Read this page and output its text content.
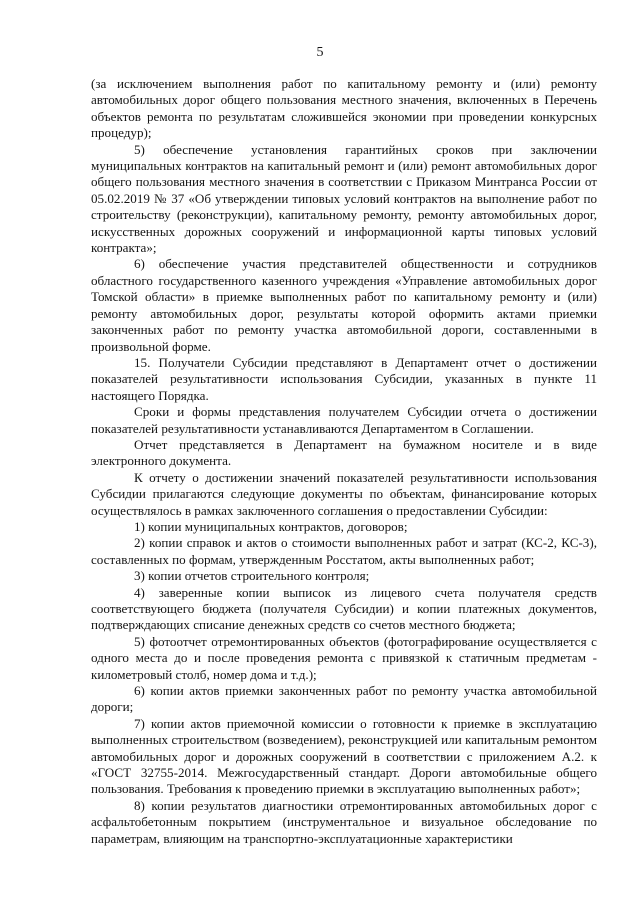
5

(за исключением выполнения работ по капитальному ремонту и (или) ремонту автомобильных дорог общего пользования местного значения, включенных в Перечень объектов ремонта по результатам сложившейся экономии при проведении конкурсных процедур);

5) обеспечение установления гарантийных сроков при заключении муниципальных контрактов на капитальный ремонт и (или) ремонт автомобильных дорог общего пользования местного значения в соответствии с Приказом Минтранса России от 05.02.2019 № 37 «Об утверждении типовых условий контрактов на выполнение работ по строительству (реконструкции), капитальному ремонту, ремонту автомобильных дорог, искусственных дорожных сооружений и информационной карты типовых условий контракта»;

6) обеспечение участия представителей общественности и сотрудников областного государственного казенного учреждения «Управление автомобильных дорог Томской области» в приемке выполненных работ по капитальному ремонту и (или) ремонту автомобильных дорог, результаты которой оформить актами приемки законченных работ по ремонту участка автомобильной дороги, составленными в произвольной форме.

15. Получатели Субсидии представляют в Департамент отчет о достижении показателей результативности использования Субсидии, указанных в пункте 11 настоящего Порядка.

Сроки и формы представления получателем Субсидии отчета о достижении показателей результативности устанавливаются Департаментом в Соглашении.

Отчет представляется в Департамент на бумажном носителе и в виде электронного документа.

К отчету о достижении значений показателей результативности использования Субсидии прилагаются следующие документы по объектам, финансирование которых осуществлялось в рамках заключенного соглашения о предоставлении Субсидии:

1) копии муниципальных контрактов, договоров;

2) копии справок и актов о стоимости выполненных работ и затрат (КС-2, КС-3), составленных по формам, утвержденным Росстатом, акты выполненных работ;

3) копии отчетов строительного контроля;

4) заверенные копии выписок из лицевого счета получателя средств соответствующего бюджета (получателя Субсидии) и копии платежных документов, подтверждающих списание денежных средств со счетов местного бюджета;

5) фотоотчет отремонтированных объектов (фотографирование осуществляется с одного места до и после проведения ремонта с привязкой к статичным предметам - километровый столб, номер дома и т.д.);

6) копии актов приемки законченных работ по ремонту участка автомобильной дороги;

7) копии актов приемочной комиссии о готовности к приемке в эксплуатацию выполненных строительством (возведением), реконструкцией или капитальным ремонтом автомобильных дорог и дорожных сооружений в соответствии с приложением А.2. к «ГОСТ 32755-2014. Межгосударственный стандарт. Дороги автомобильные общего пользования. Требования к проведению приемки в эксплуатацию выполненных работ»;

8) копии результатов диагностики отремонтированных автомобильных дорог с асфальтобетонным покрытием (инструментальное и визуальное обследование по параметрам, влияющим на транспортно-эксплуатационные характеристики
